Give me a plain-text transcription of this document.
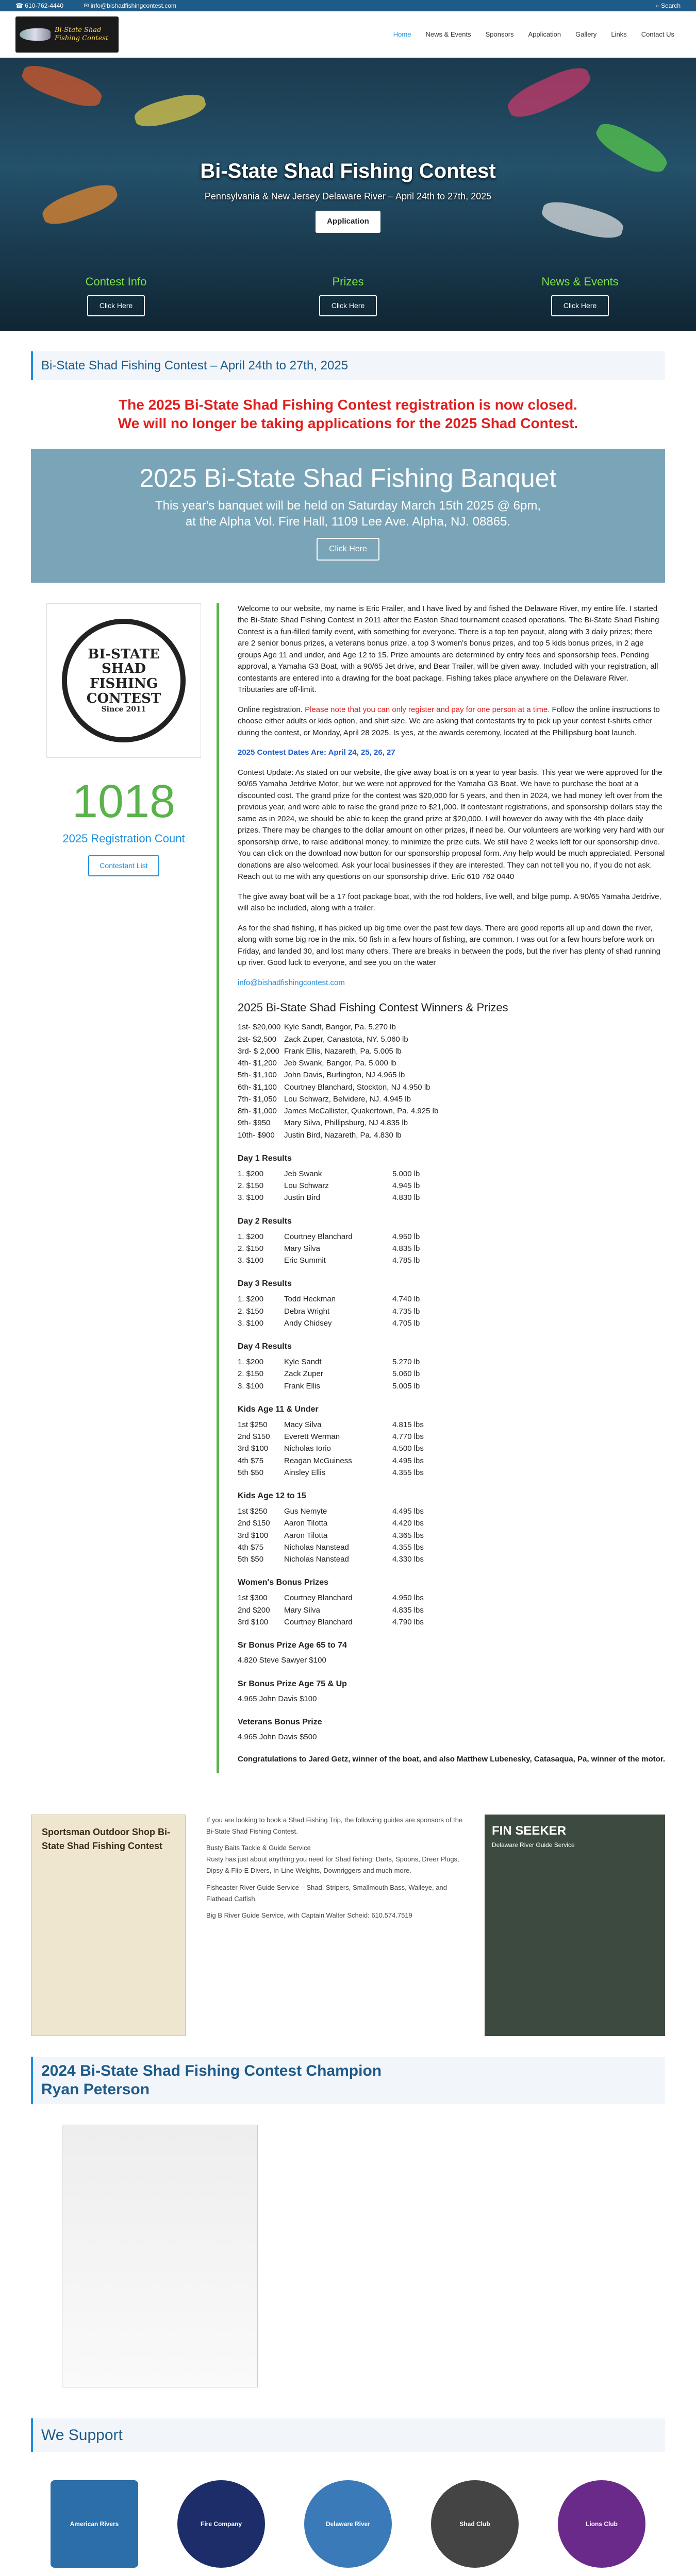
☎ 610-762-4440	✉ info@bishadfishingcontest.com	⌕ Search
Bi-State Shad
Fishing Contest
Home	News & Events	Sponsors	Application	Gallery	Links	Contact Us
Bi-State Shad Fishing Contest
Pennsylvania & New Jersey Delaware River – April 24th to 27th, 2025
Application
Contest Info
Click Here
Prizes
Click Here
News & Events
Click Here
Bi-State Shad Fishing Contest – April 24th to 27th, 2025
The 2025 Bi-State Shad Fishing Contest registration is now closed.
We will no longer be taking applications for the 2025 Shad Contest.
2025 Bi-State Shad Fishing Banquet

This year's banquet will be held on Saturday March 15th 2025 @ 6pm,

at the Alpha Vol. Fire Hall, 1109 Lee Ave. Alpha, NJ. 08865.

Click Here
BI-STATE SHAD FISHING CONTEST
Since 2011
1018
2025 Registration Count
Contestant List

Welcome to our website, my name is Eric Frailer, and I have lived by and fished the Delaware River, my entire life. I started the Bi-State Shad Fishing Contest in 2011 after the Easton Shad tournament ceased operations. The Bi-State Shad Fishing Contest is a fun-filled family event, with something for everyone. There is a top ten payout, along with 3 daily prizes; there are 2 senior bonus prizes, a veterans bonus prize, a top 3 women's bonus prizes, and top 5 kids bonus prizes, in 2 age groups Age 11 and under, and Age 12 to 15. Prize amounts are determined by entry fees and sponsorship fees. Pending approval, a Yamaha G3 Boat, with a 90/65 Jet drive, and Bear Trailer, will be given away. Included with your registration, all contestants are entered into a drawing for the boat package. Fishing takes place anywhere on the Delaware River. Tributaries are off-limit.

Online registration. Please note that you can only register and pay for one person at a time. Follow the online instructions to choose either adults or kids option, and shirt size. We are asking that contestants try to pick up your contest t-shirts either during the contest, or Monday, April 28 2025. Is yes, at the awards ceremony, located at the Phillipsburg boat launch.

2025 Contest Dates Are: April 24, 25, 26, 27

Contest Update: As stated on our website, the give away boat is on a year to year basis. This year we were approved for the 90/65 Yamaha Jetdrive Motor, but we were not approved for the Yamaha G3 Boat. We have to purchase the boat at a discounted cost. The grand prize for the contest was $20,000 for 5 years, and then in 2024, we had money left over from the previous year, and were able to raise the grand prize to $21,000. If contestant registrations, and sponsorship dollars stay the same as in 2024, we should be able to keep the grand prize at $20,000. I will however do away with the 4th place daily prizes. There may be changes to the dollar amount on other prizes, if need be. Our volunteers are working very hard with our sponsorship drive, to raise additional money, to minimize the prize cuts. We still have 2 weeks left for our sponsorship drive. You can click on the download now button for our sponsorship proposal form. Any help would be much appreciated. Personal donations are also welcomed. Ask your local businesses if they are interested. They can not tell you no, if you do not ask. Reach out to me with any questions on our sponsorship drive. Eric 610 762 0440

The give away boat will be a 17 foot package boat, with the rod holders, live well, and bilge pump. A 90/65 Yamaha Jetdrive, will also be included, along with a trailer.

As for the shad fishing, it has picked up big time over the past few days. There are good reports all up and down the river, along with some big roe in the mix. 50 fish in a few hours of fishing, are common. I was out for a few hours before work on Friday, and landed 30, and lost many others. There are breaks in between the pods, but the river has plenty of shad running up river. Good luck to everyone, and see you on the water

info@bishadfishingcontest.com

2025 Bi-State Shad Fishing Contest Winners & Prizes
1st- $20,000 Kyle Sandt, Bangor, Pa. 5.270 lb
2st- $2,500 Zack Zuper, Canastota, NY. 5.060 lb
3rd- $ 2,000 Frank Ellis, Nazareth, Pa. 5.005 lb
4th- $1,200 Jeb Swank, Bangor, Pa. 5.000 lb
5th- $1,100 John Davis, Burlington, NJ 4.965 lb
6th- $1,100 Courtney Blanchard, Stockton, NJ 4.950 lb
7th- $1,050 Lou Schwarz, Belvidere, NJ. 4.945 lb
8th- $1,000 James McCallister, Quakertown, Pa. 4.925 lb
9th- $950	Mary Silva, Phillipsburg, NJ 4.835 lb
10th- $900	Justin Bird, Nazareth, Pa. 4.830 lb
Day 1 Results
1. $200	Jeb Swank	5.000 lb
2. $150	Lou Schwarz	4.945 lb
3. $100	Justin Bird	4.830 lb
Day 2 Results
1. $200	Courtney Blanchard	4.950 lb
2. $150	Mary Silva	4.835 lb
3. $100	Eric Summit	4.785 lb
Day 3 Results
1. $200	Todd Heckman	4.740 lb
2. $150	Debra Wright	4.735 lb
3. $100	Andy Chidsey	4.705 lb
Day 4 Results
1. $200	Kyle Sandt	5.270 lb
2. $150	Zack Zuper	5.060 lb
3. $100	Frank Ellis	5.005 lb
Kids Age 11 & Under
1st $250	Macy Silva	4.815 lbs
2nd $150	Everett Werman	4.770 lbs
3rd $100	Nicholas Iorio	4.500 lbs
4th $75	Reagan McGuiness	4.495 lbs
5th $50	Ainsley Ellis	4.355 lbs
Kids Age 12 to 15
1st $250	Gus Nemyte	4.495 lbs
2nd $150	Aaron Tilotta	4.420 lbs
3rd $100	Aaron Tilotta	4.365 lbs
4th $75	Nicholas Nanstead	4.355 lbs
5th $50	Nicholas Nanstead	4.330 lbs
Women's Bonus Prizes
1st $300	Courtney Blanchard	4.950 lbs
2nd $200	Mary Silva	4.835 lbs
3rd $100	Courtney Blanchard	4.790 lbs
Sr Bonus Prize Age 65 to 74
4.820 Steve Sawyer $100
Sr Bonus Prize Age 75 & Up
4.965 John Davis $100
Veterans Bonus Prize
4.965 John Davis $500

Congratulations to Jared Getz, winner of the boat, and also Matthew Lubenesky, Catasaqua, Pa, winner of the motor.

Sportsman Outdoor Shop Bi-State Shad Fishing Contest

If you are looking to book a Shad Fishing Trip, the following guides are sponsors of the Bi-State Shad Fishing Contest.

Busty Baits Tackle & Guide Service

Rusty has just about anything you need for Shad fishing: Darts, Spoons, Dreer Plugs, Dipsy & Flip-E Divers, In-Line Weights, Downriggers and much more.

Fisheaster River Guide Service – Shad, Stripers, Smallmouth Bass, Walleye, and Flathead Catfish.

Big B River Guide Service, with Captain Walter Scheid: 610.574.7519

FIN SEEKER
Delaware River Guide Service
2024 Bi-State Shad Fishing Contest Champion
Ryan Peterson
We Support
American Rivers	Fire Company	Delaware River	Shad Club	Lions Club
